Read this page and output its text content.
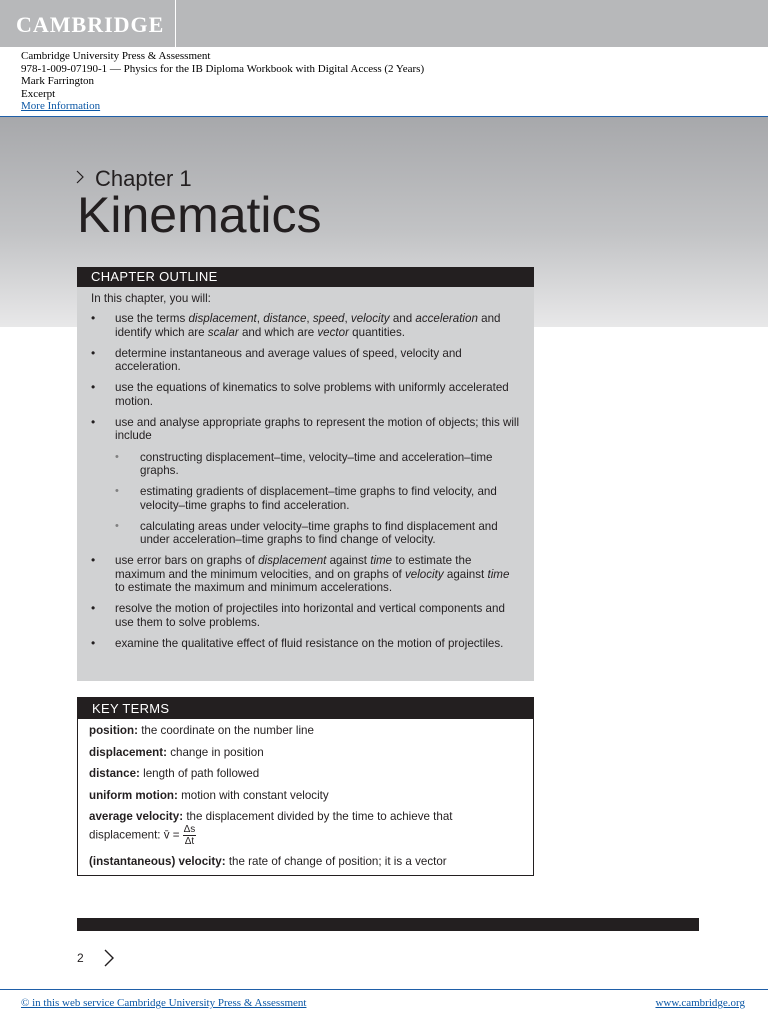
CAMBRIDGE
Cambridge University Press & Assessment
978-1-009-07190-1 — Physics for the IB Diploma Workbook with Digital Access (2 Years)
Mark Farrington
Excerpt
More Information
Chapter 1
Kinematics
CHAPTER OUTLINE

In this chapter, you will:

• use the terms displacement, distance, speed, velocity and acceleration and identify which are scalar and which are vector quantities.
• determine instantaneous and average values of speed, velocity and acceleration.
• use the equations of kinematics to solve problems with uniformly accelerated motion.
• use and analyse appropriate graphs to represent the motion of objects; this will include
• constructing displacement–time, velocity–time and acceleration–time graphs.
• estimating gradients of displacement–time graphs to find velocity, and velocity–time graphs to find acceleration.
• calculating areas under velocity–time graphs to find displacement and under acceleration–time graphs to find change of velocity.
• use error bars on graphs of displacement against time to estimate the maximum and the minimum velocities, and on graphs of velocity against time to estimate the maximum and minimum accelerations.
• resolve the motion of projectiles into horizontal and vertical components and use them to solve problems.
• examine the qualitative effect of fluid resistance on the motion of projectiles.
KEY TERMS
position: the coordinate on the number line
displacement: change in position
distance: length of path followed
uniform motion: motion with constant velocity
average velocity: the displacement divided by the time to achieve that displacement: v̄ = $\frac{\Delta s}{\Delta t}$
(instantaneous) velocity: the rate of change of position; it is a vector
2
© in this web service Cambridge University Press & Assessment	www.cambridge.org
